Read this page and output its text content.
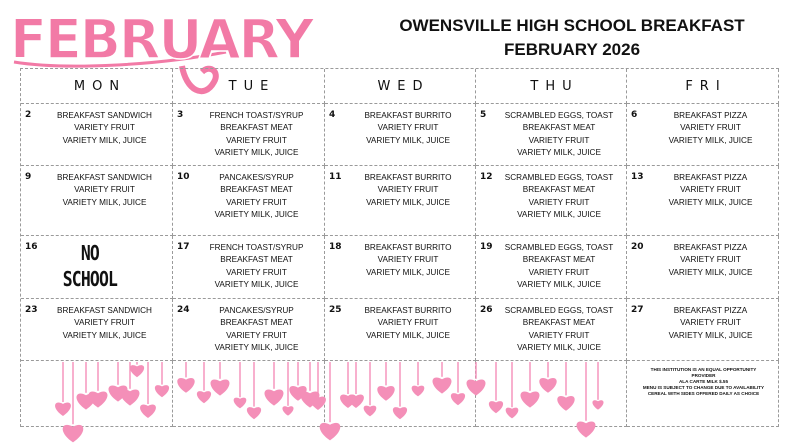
FEBRUARY	OWENSVILLE HIGH SCHOOL BREAKFAST
FEBRUARY 2026
MON	TUE	WED	THU	FRI
2	BREAKFAST SANDWICH
VARIETY FRUIT
VARIETY MILK, JUICE
3	FRENCH TOAST/SYRUP
BREAKFAST MEAT
VARIETY FRUIT
VARIETY MILK, JUICE
4	BREAKFAST BURRITO
VARIETY FRUIT
VARIETY MILK, JUICE
5	SCRAMBLED EGGS, TOAST
BREAKFAST MEAT
VARIETY FRUIT
VARIETY MILK, JUICE
6	BREAKFAST PIZZA
VARIETY FRUIT
VARIETY MILK, JUICE
9	BREAKFAST SANDWICH
VARIETY FRUIT
VARIETY MILK, JUICE
10	PANCAKES/SYRUP
BREAKFAST MEAT
VARIETY FRUIT
VARIETY MILK, JUICE
11	BREAKFAST BURRITO
VARIETY FRUIT
VARIETY MILK, JUICE
12	SCRAMBLED EGGS, TOAST
BREAKFAST MEAT
VARIETY FRUIT
VARIETY MILK, JUICE
13	BREAKFAST PIZZA
VARIETY FRUIT
VARIETY MILK, JUICE
16	NO
SCHOOL
17	FRENCH TOAST/SYRUP
BREAKFAST MEAT
VARIETY FRUIT
VARIETY MILK, JUICE
18	BREAKFAST BURRITO
VARIETY FRUIT
VARIETY MILK, JUICE
19	SCRAMBLED EGGS, TOAST
BREAKFAST MEAT
VARIETY FRUIT
VARIETY MILK, JUICE
20	BREAKFAST PIZZA
VARIETY FRUIT
VARIETY MILK, JUICE
23	BREAKFAST SANDWICH
VARIETY FRUIT
VARIETY MILK, JUICE
24	PANCAKES/SYRUP
BREAKFAST MEAT
VARIETY FRUIT
VARIETY MILK, JUICE
25	BREAKFAST BURRITO
VARIETY FRUIT
VARIETY MILK, JUICE
26	SCRAMBLED EGGS, TOAST
BREAKFAST MEAT
VARIETY FRUIT
VARIETY MILK, JUICE
27	BREAKFAST PIZZA
VARIETY FRUIT
VARIETY MILK, JUICE
THIS INSTITUTION IS AN EQUAL OPPORTUNITY
PROVIDER
ALA CARTE MILK $.55
MENU IS SUBJECT TO CHANGE DUE TO AVAILABILITY
CEREAL WITH SIDES OFFERED DAILY AS CHOICE
